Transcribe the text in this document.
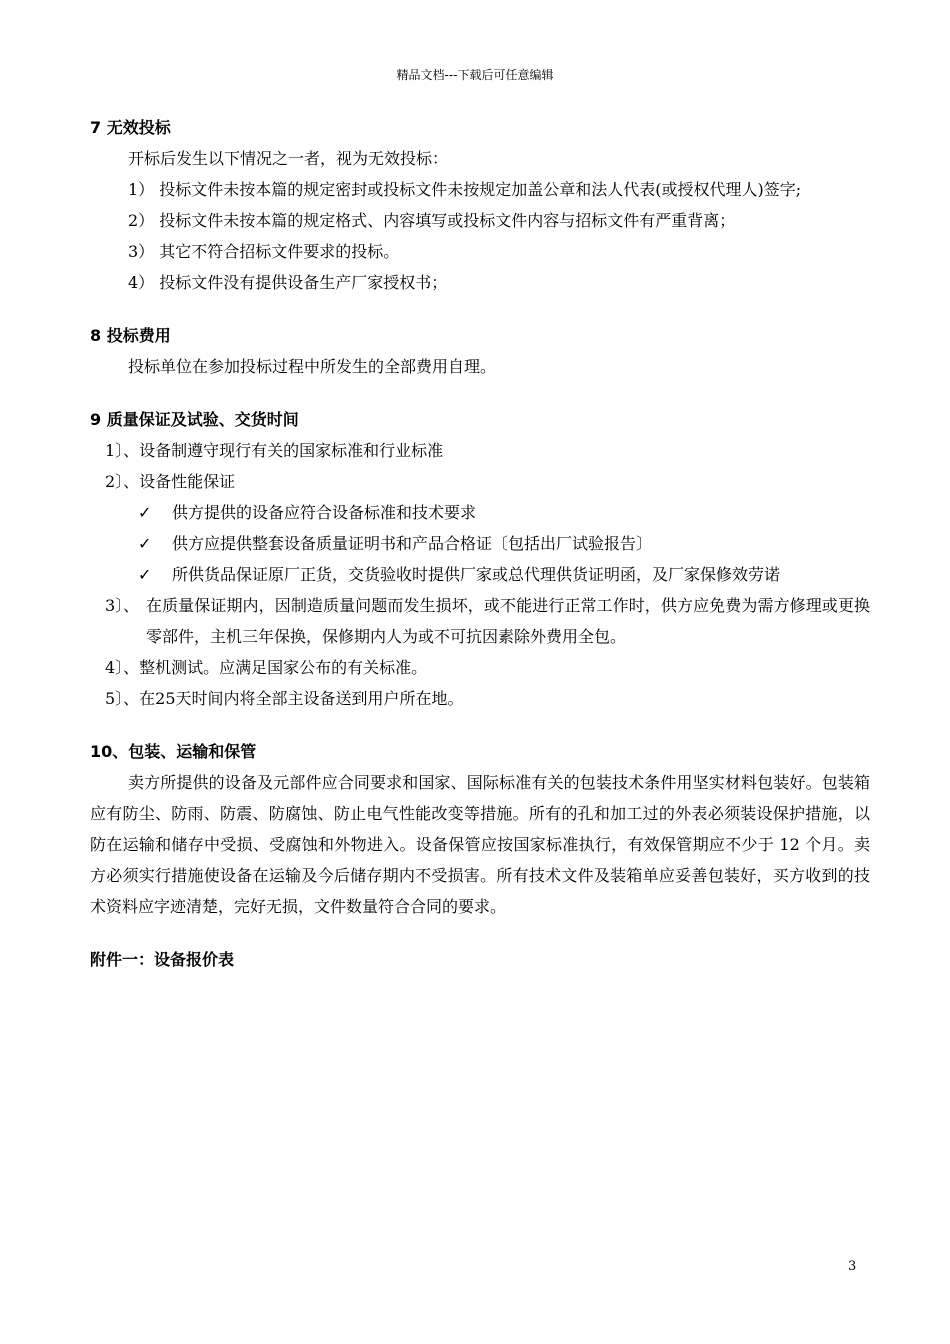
精品文档---下载后可任意编辑

7 无效投标

开标后发生以下情况之一者，视为无效投标：

1） 投标文件未按本篇的规定密封或投标文件未按规定加盖公章和法人代表(或授权代理人)签字;

2） 投标文件未按本篇的规定格式、内容填写或投标文件内容与招标文件有严重背离；

3） 其它不符合招标文件要求的投标。

4） 投标文件没有提供设备生产厂家授权书；

8 投标费用

投标单位在参加投标过程中所发生的全部费用自理。

9 质量保证及试验、交货时间

1〕、设备制遵守现行有关的国家标准和行业标准

2〕、设备性能保证

✓	供方提供的设备应符合设备标准和技术要求
✓	供方应提供整套设备质量证明书和产品合格证〔包括出厂试验报告〕
✓	所供货品保证原厂正货，交货验收时提供厂家或总代理供货证明函，及厂家保修效劳诺
3〕、 在质量保证期内，因制造质量问题而发生损坏，或不能进行正常工作时，供方应免费为需方修理或更换零部件，主机三年保换，保修期内人为或不可抗因素除外费用全包。

4〕、整机测试。应满足国家公布的有关标准。

5〕、在25天时间内将全部主设备送到用户所在地。

10、包装、运输和保管

卖方所提供的设备及元部件应合同要求和国家、国际标准有关的包装技术条件用坚实材料包装好。包装箱应有防尘、防雨、防震、防腐蚀、防止电气性能改变等措施。所有的孔和加工过的外表必须装设保护措施，以防在运输和储存中受损、受腐蚀和外物进入。设备保管应按国家标准执行，有效保管期应不少于 12 个月。卖方必须实行措施使设备在运输及今后储存期内不受损害。所有技术文件及装箱单应妥善包装好，买方收到的技术资料应字迹清楚，完好无损，文件数量符合合同的要求。

附件一：设备报价表

3
